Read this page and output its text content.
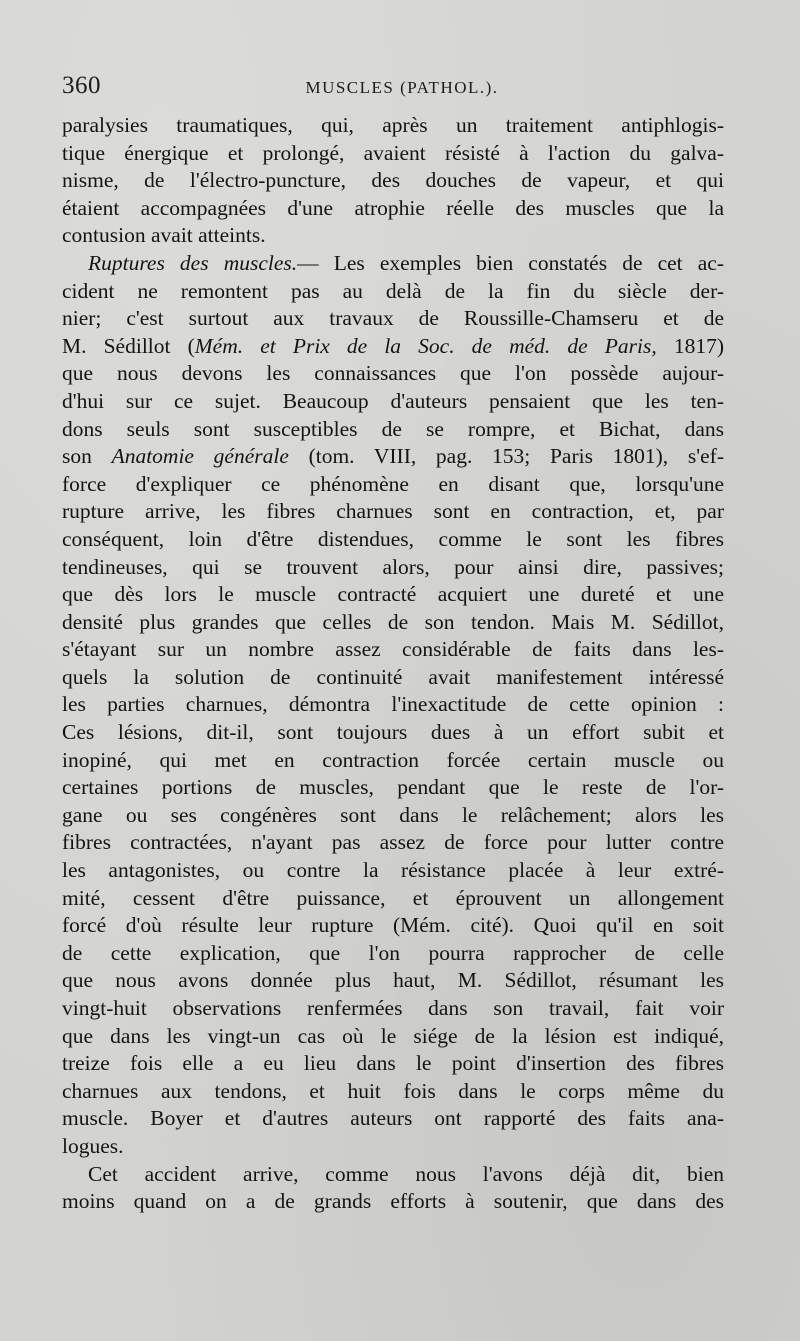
360	MUSCLES (PATHOL.).
paralysies traumatiques, qui, après un traitement antiphlogis-
tique énergique et prolongé, avaient résisté à l'action du galva-
nisme, de l'électro-puncture, des douches de vapeur, et qui
étaient accompagnées d'une atrophie réelle des muscles que la
contusion avait atteints.
Ruptures des muscles.— Les exemples bien constatés de cet ac-
cident ne remontent pas au delà de la fin du siècle der-
nier; c'est surtout aux travaux de Roussille-Chamseru et de
M. Sédillot (Mém. et Prix de la Soc. de méd. de Paris, 1817)
que nous devons les connaissances que l'on possède aujour-
d'hui sur ce sujet. Beaucoup d'auteurs pensaient que les ten-
dons seuls sont susceptibles de se rompre, et Bichat, dans
son Anatomie générale (tom. VIII, pag. 153; Paris 1801), s'ef-
force d'expliquer ce phénomène en disant que, lorsqu'une
rupture arrive, les fibres charnues sont en contraction, et, par
conséquent, loin d'être distendues, comme le sont les fibres
tendineuses, qui se trouvent alors, pour ainsi dire, passives;
que dès lors le muscle contracté acquiert une dureté et une
densité plus grandes que celles de son tendon. Mais M. Sédillot,
s'étayant sur un nombre assez considérable de faits dans les-
quels la solution de continuité avait manifestement intéressé
les parties charnues, démontra l'inexactitude de cette opinion :
Ces lésions, dit-il, sont toujours dues à un effort subit et
inopiné, qui met en contraction forcée certain muscle ou
certaines portions de muscles, pendant que le reste de l'or-
gane ou ses congénères sont dans le relâchement; alors les
fibres contractées, n'ayant pas assez de force pour lutter contre
les antagonistes, ou contre la résistance placée à leur extré-
mité, cessent d'être puissance, et éprouvent un allongement
forcé d'où résulte leur rupture (Mém. cité). Quoi qu'il en soit
de cette explication, que l'on pourra rapprocher de celle
que nous avons donnée plus haut, M. Sédillot, résumant les
vingt-huit observations renfermées dans son travail, fait voir
que dans les vingt-un cas où le siége de la lésion est indiqué,
treize fois elle a eu lieu dans le point d'insertion des fibres
charnues aux tendons, et huit fois dans le corps même du
muscle. Boyer et d'autres auteurs ont rapporté des faits ana-
logues.
Cet accident arrive, comme nous l'avons déjà dit, bien
moins quand on a de grands efforts à soutenir, que dans des
